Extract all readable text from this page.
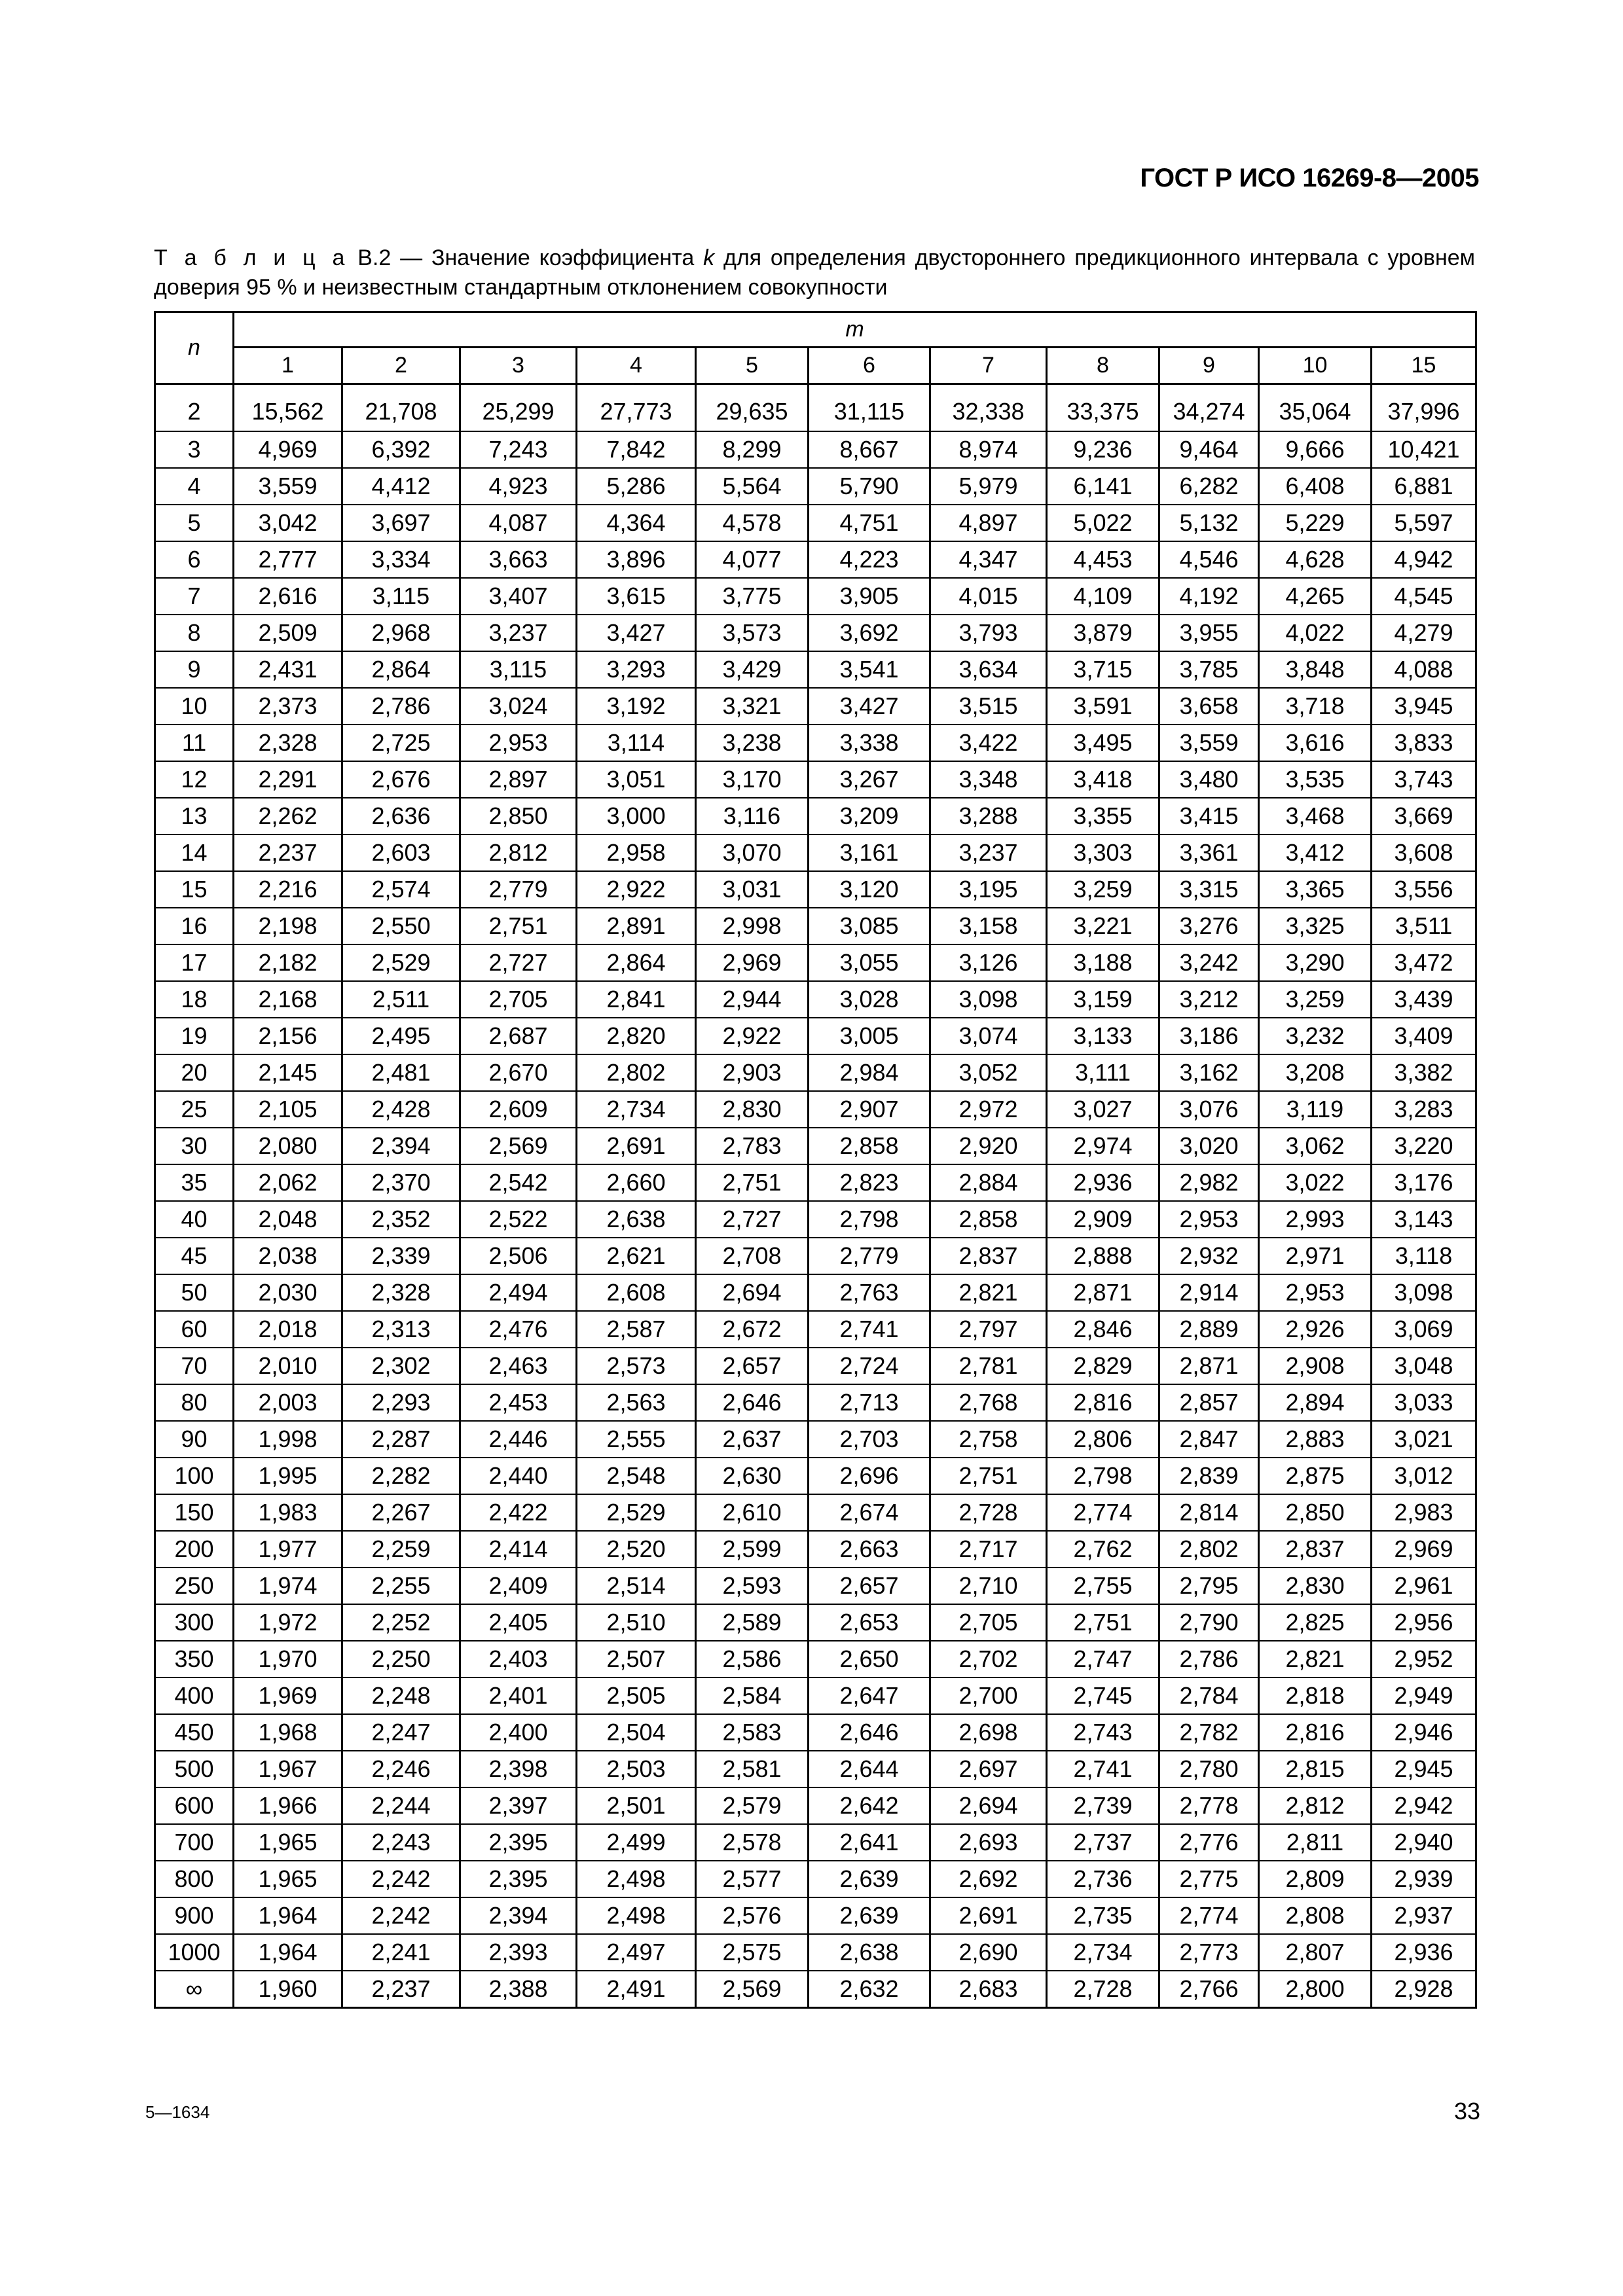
ГОСТ Р ИСО 16269-8—2005
Т а б л и ц а В.2 — Значение коэффициента k для определения двустороннего предикционного интервала с уровнем доверия 95 % и неизвестным стандартным отклонением совокупности
n	m										
	1	2	3	4	5	6	7	8	9	10	15
2	15,562	21,708	25,299	27,773	29,635	31,115	32,338	33,375	34,274	35,064	37,996
3	4,969	6,392	7,243	7,842	8,299	8,667	8,974	9,236	9,464	9,666	10,421
4	3,559	4,412	4,923	5,286	5,564	5,790	5,979	6,141	6,282	6,408	6,881
5	3,042	3,697	4,087	4,364	4,578	4,751	4,897	5,022	5,132	5,229	5,597
6	2,777	3,334	3,663	3,896	4,077	4,223	4,347	4,453	4,546	4,628	4,942
7	2,616	3,115	3,407	3,615	3,775	3,905	4,015	4,109	4,192	4,265	4,545
8	2,509	2,968	3,237	3,427	3,573	3,692	3,793	3,879	3,955	4,022	4,279
9	2,431	2,864	3,115	3,293	3,429	3,541	3,634	3,715	3,785	3,848	4,088
10	2,373	2,786	3,024	3,192	3,321	3,427	3,515	3,591	3,658	3,718	3,945
11	2,328	2,725	2,953	3,114	3,238	3,338	3,422	3,495	3,559	3,616	3,833
12	2,291	2,676	2,897	3,051	3,170	3,267	3,348	3,418	3,480	3,535	3,743
13	2,262	2,636	2,850	3,000	3,116	3,209	3,288	3,355	3,415	3,468	3,669
14	2,237	2,603	2,812	2,958	3,070	3,161	3,237	3,303	3,361	3,412	3,608
15	2,216	2,574	2,779	2,922	3,031	3,120	3,195	3,259	3,315	3,365	3,556
16	2,198	2,550	2,751	2,891	2,998	3,085	3,158	3,221	3,276	3,325	3,511
17	2,182	2,529	2,727	2,864	2,969	3,055	3,126	3,188	3,242	3,290	3,472
18	2,168	2,511	2,705	2,841	2,944	3,028	3,098	3,159	3,212	3,259	3,439
19	2,156	2,495	2,687	2,820	2,922	3,005	3,074	3,133	3,186	3,232	3,409
20	2,145	2,481	2,670	2,802	2,903	2,984	3,052	3,111	3,162	3,208	3,382
25	2,105	2,428	2,609	2,734	2,830	2,907	2,972	3,027	3,076	3,119	3,283
30	2,080	2,394	2,569	2,691	2,783	2,858	2,920	2,974	3,020	3,062	3,220
35	2,062	2,370	2,542	2,660	2,751	2,823	2,884	2,936	2,982	3,022	3,176
40	2,048	2,352	2,522	2,638	2,727	2,798	2,858	2,909	2,953	2,993	3,143
45	2,038	2,339	2,506	2,621	2,708	2,779	2,837	2,888	2,932	2,971	3,118
50	2,030	2,328	2,494	2,608	2,694	2,763	2,821	2,871	2,914	2,953	3,098
60	2,018	2,313	2,476	2,587	2,672	2,741	2,797	2,846	2,889	2,926	3,069
70	2,010	2,302	2,463	2,573	2,657	2,724	2,781	2,829	2,871	2,908	3,048
80	2,003	2,293	2,453	2,563	2,646	2,713	2,768	2,816	2,857	2,894	3,033
90	1,998	2,287	2,446	2,555	2,637	2,703	2,758	2,806	2,847	2,883	3,021
100	1,995	2,282	2,440	2,548	2,630	2,696	2,751	2,798	2,839	2,875	3,012
150	1,983	2,267	2,422	2,529	2,610	2,674	2,728	2,774	2,814	2,850	2,983
200	1,977	2,259	2,414	2,520	2,599	2,663	2,717	2,762	2,802	2,837	2,969
250	1,974	2,255	2,409	2,514	2,593	2,657	2,710	2,755	2,795	2,830	2,961
300	1,972	2,252	2,405	2,510	2,589	2,653	2,705	2,751	2,790	2,825	2,956
350	1,970	2,250	2,403	2,507	2,586	2,650	2,702	2,747	2,786	2,821	2,952
400	1,969	2,248	2,401	2,505	2,584	2,647	2,700	2,745	2,784	2,818	2,949
450	1,968	2,247	2,400	2,504	2,583	2,646	2,698	2,743	2,782	2,816	2,946
500	1,967	2,246	2,398	2,503	2,581	2,644	2,697	2,741	2,780	2,815	2,945
600	1,966	2,244	2,397	2,501	2,579	2,642	2,694	2,739	2,778	2,812	2,942
700	1,965	2,243	2,395	2,499	2,578	2,641	2,693	2,737	2,776	2,811	2,940
800	1,965	2,242	2,395	2,498	2,577	2,639	2,692	2,736	2,775	2,809	2,939
900	1,964	2,242	2,394	2,498	2,576	2,639	2,691	2,735	2,774	2,808	2,937
1000	1,964	2,241	2,393	2,497	2,575	2,638	2,690	2,734	2,773	2,807	2,936
∞	1,960	2,237	2,388	2,491	2,569	2,632	2,683	2,728	2,766	2,800	2,928
5—1634	33
